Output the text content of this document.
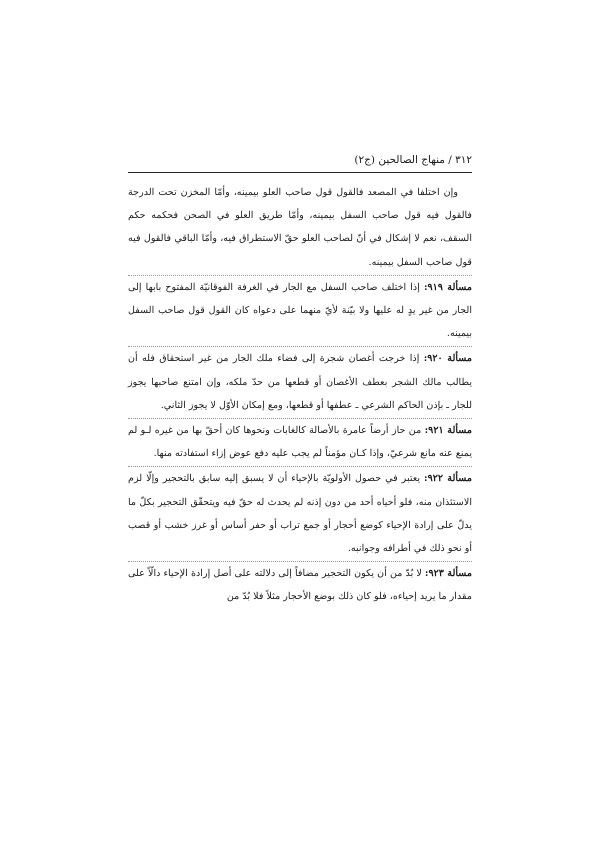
٣١٢ / منهاج الصالحين (ج٢)

وإن اختلفا في المصعد فالقول قول صاحب العلو بيمينه، وأمّا المخزن تحت الدرجة فالقول فيه قول صاحب السفل بيمينه، وأمّا طريق العلو في الصحن فحكمه حكم السقف، نعم لا إشكال في أنّ لصاحب العلو حقّ الاستطراق فيه، وأمّا الباقي فالقول فيه قول صاحب السفل بيمينه.

مسألة ٩١٩: إذا اختلف صاحب السفل مع الجار في الغرفة الفوقانيّة المفتوح بابها إلى الجار من غير يدٍ له عليها ولا بيّنة لأيّ منهما على دعواه كان القول قول صاحب السفل بيمينه.

مسألة ٩٢٠: إذا خرجت أغصان شجرة إلى فضاء ملك الجار من غير استحقاق فله أن يطالب مالك الشجر بعطف الأغصان أو قطعها من حدّ ملكه، وإن امتنع صاحبها يجوز للجار ـ بإذن الحاكم الشرعي ـ عطفها أو قطعها، ومع إمكان الأوّل لا يجوز الثاني.

مسألة ٩٢١: من حاز أرضاً عامرة بالأصالة كالغابات ونحوها كان أحقّ بها من غيره لـو لم يمنع عنه مانع شرعيّ، وإذا كـان مؤمناً لم يجب عليه دفع عوض إزاء استفادته منها.

مسألة ٩٢٢: يعتبر في حصول الأولويّة بالإحياء أن لا يسبق إليه سابق بالتحجير وإلّا لزم الاستئذان منه، فلو أحياه أحد من دون إذنه لم يحدث له حقّ فيه ويتحقّق التحجير بكلّ ما يدلّ على إرادة الإحياء كوضع أحجار أو جمع تراب أو حفر أساس أو غرز خشب أو قصب أو نحو ذلك في أطرافه وجوانبه.

مسألة ٩٢٣: لا بُدّ من أن يكون التحجير مضافاً إلى دلالته على أصل إرادة الإحياء دالّاً على مقدار ما يريد إحياءه، فلو كان ذلك بوضع الأحجار مثلاً فلا بُدّ من
